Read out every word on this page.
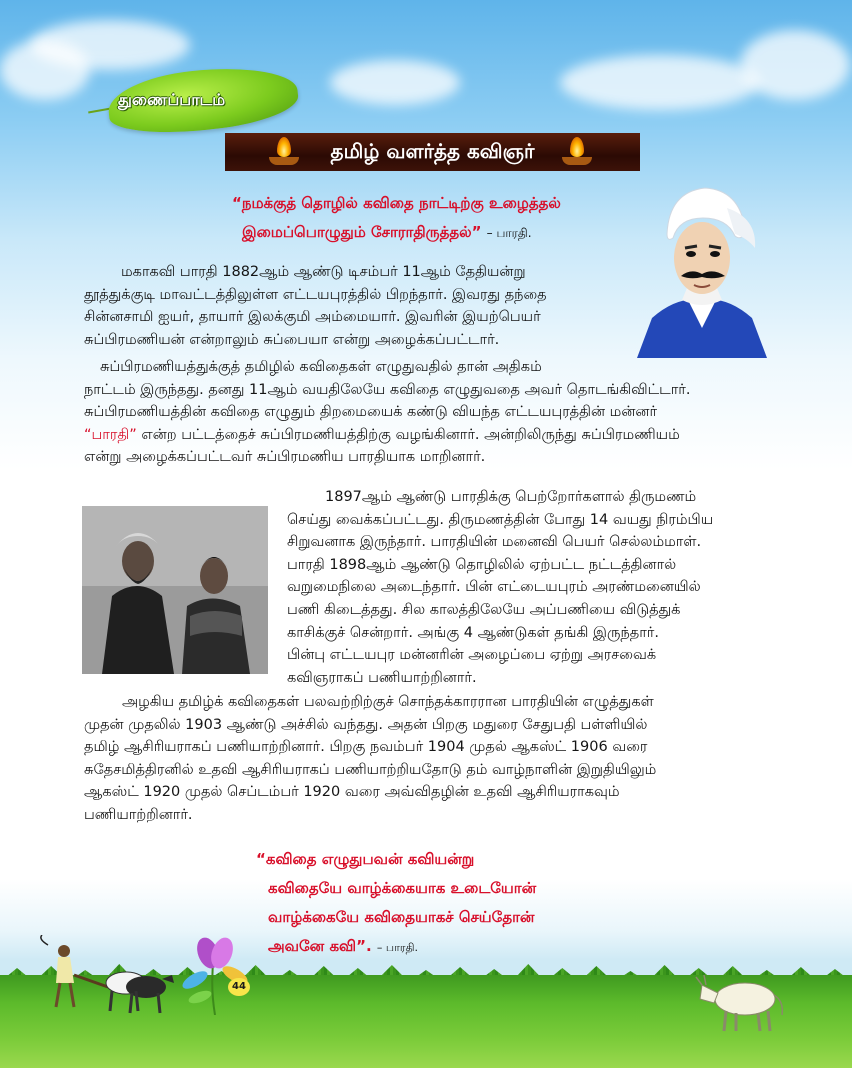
துணைப்பாடம்
தமிழ் வளர்த்த கவிஞர்
“நமக்குத் தொழில் கவிதை நாட்டிற்கு உழைத்தல்
இமைப்பொழுதும் சோராதிருத்தல்” – பாரதி.

மகாகவி பாரதி 1882ஆம் ஆண்டு டிசம்பர் 11ஆம் தேதியன்று

தூத்துக்குடி மாவட்டத்திலுள்ள எட்டயபுரத்தில் பிறந்தார். இவரது தந்தை

சின்னசாமி ஐயர், தாயார் இலக்குமி அம்மையார். இவரின் இயற்பெயர்

சுப்பிரமணியன் என்றாலும் சுப்பையா என்று அழைக்கப்பட்டார்.

சுப்பிரமணியத்துக்குத் தமிழில் கவிதைகள் எழுதுவதில் தான் அதிகம்

நாட்டம் இருந்தது. தனது 11ஆம் வயதிலேயே கவிதை எழுதுவதை அவர் தொடங்கிவிட்டார்.

சுப்பிரமணியத்தின் கவிதை எழுதும் திறமையைக் கண்டு வியந்த எட்டயபுரத்தின் மன்னர்

“பாரதி” என்ற பட்டத்தைச் சுப்பிரமணியத்திற்கு வழங்கினார். அன்றிலிருந்து சுப்பிரமணியம்

என்று அழைக்கப்பட்டவர் சுப்பிரமணிய பாரதியாக மாறினார்.

1897ஆம் ஆண்டு பாரதிக்கு பெற்றோர்களால் திருமணம்

செய்து வைக்கப்பட்டது. திருமணத்தின் போது 14 வயது நிரம்பிய

சிறுவனாக இருந்தார். பாரதியின் மனைவி பெயர் செல்லம்மாள்.

பாரதி 1898ஆம் ஆண்டு தொழிலில் ஏற்பட்ட நட்டத்தினால்

வறுமைநிலை அடைந்தார். பின் எட்டையபுரம் அரண்மனையில்

பணி கிடைத்தது. சில காலத்திலேயே அப்பணியை விடுத்துக்

காசிக்குச் சென்றார். அங்கு 4 ஆண்டுகள் தங்கி இருந்தார்.

பின்பு எட்டயபுர மன்னரின் அழைப்பை ஏற்று அரசவைக்

கவிஞராகப் பணியாற்றினார்.

அழகிய தமிழ்க் கவிதைகள் பலவற்றிற்குச் சொந்தக்காரரான பாரதியின் எழுத்துகள்

முதன் முதலில் 1903 ஆண்டு அச்சில் வந்தது. அதன் பிறகு மதுரை சேதுபதி பள்ளியில்

தமிழ் ஆசிரியராகப் பணியாற்றினார். பிறகு நவம்பர் 1904 முதல் ஆகஸ்ட் 1906 வரை

சுதேசமித்திரனில் உதவி ஆசிரியராகப் பணியாற்றியதோடு தம் வாழ்நாளின் இறுதியிலும்

ஆகஸ்ட் 1920 முதல் செப்டம்பர் 1920 வரை அவ்விதழின் உதவி ஆசிரியராகவும்

பணியாற்றினார்.

“கவிதை எழுதுபவன் கவியன்று
கவிதையே வாழ்க்கையாக உடையோன்
வாழ்க்கையே கவிதையாகச் செய்தோன்
அவனே கவி”. – பாரதி.
44
